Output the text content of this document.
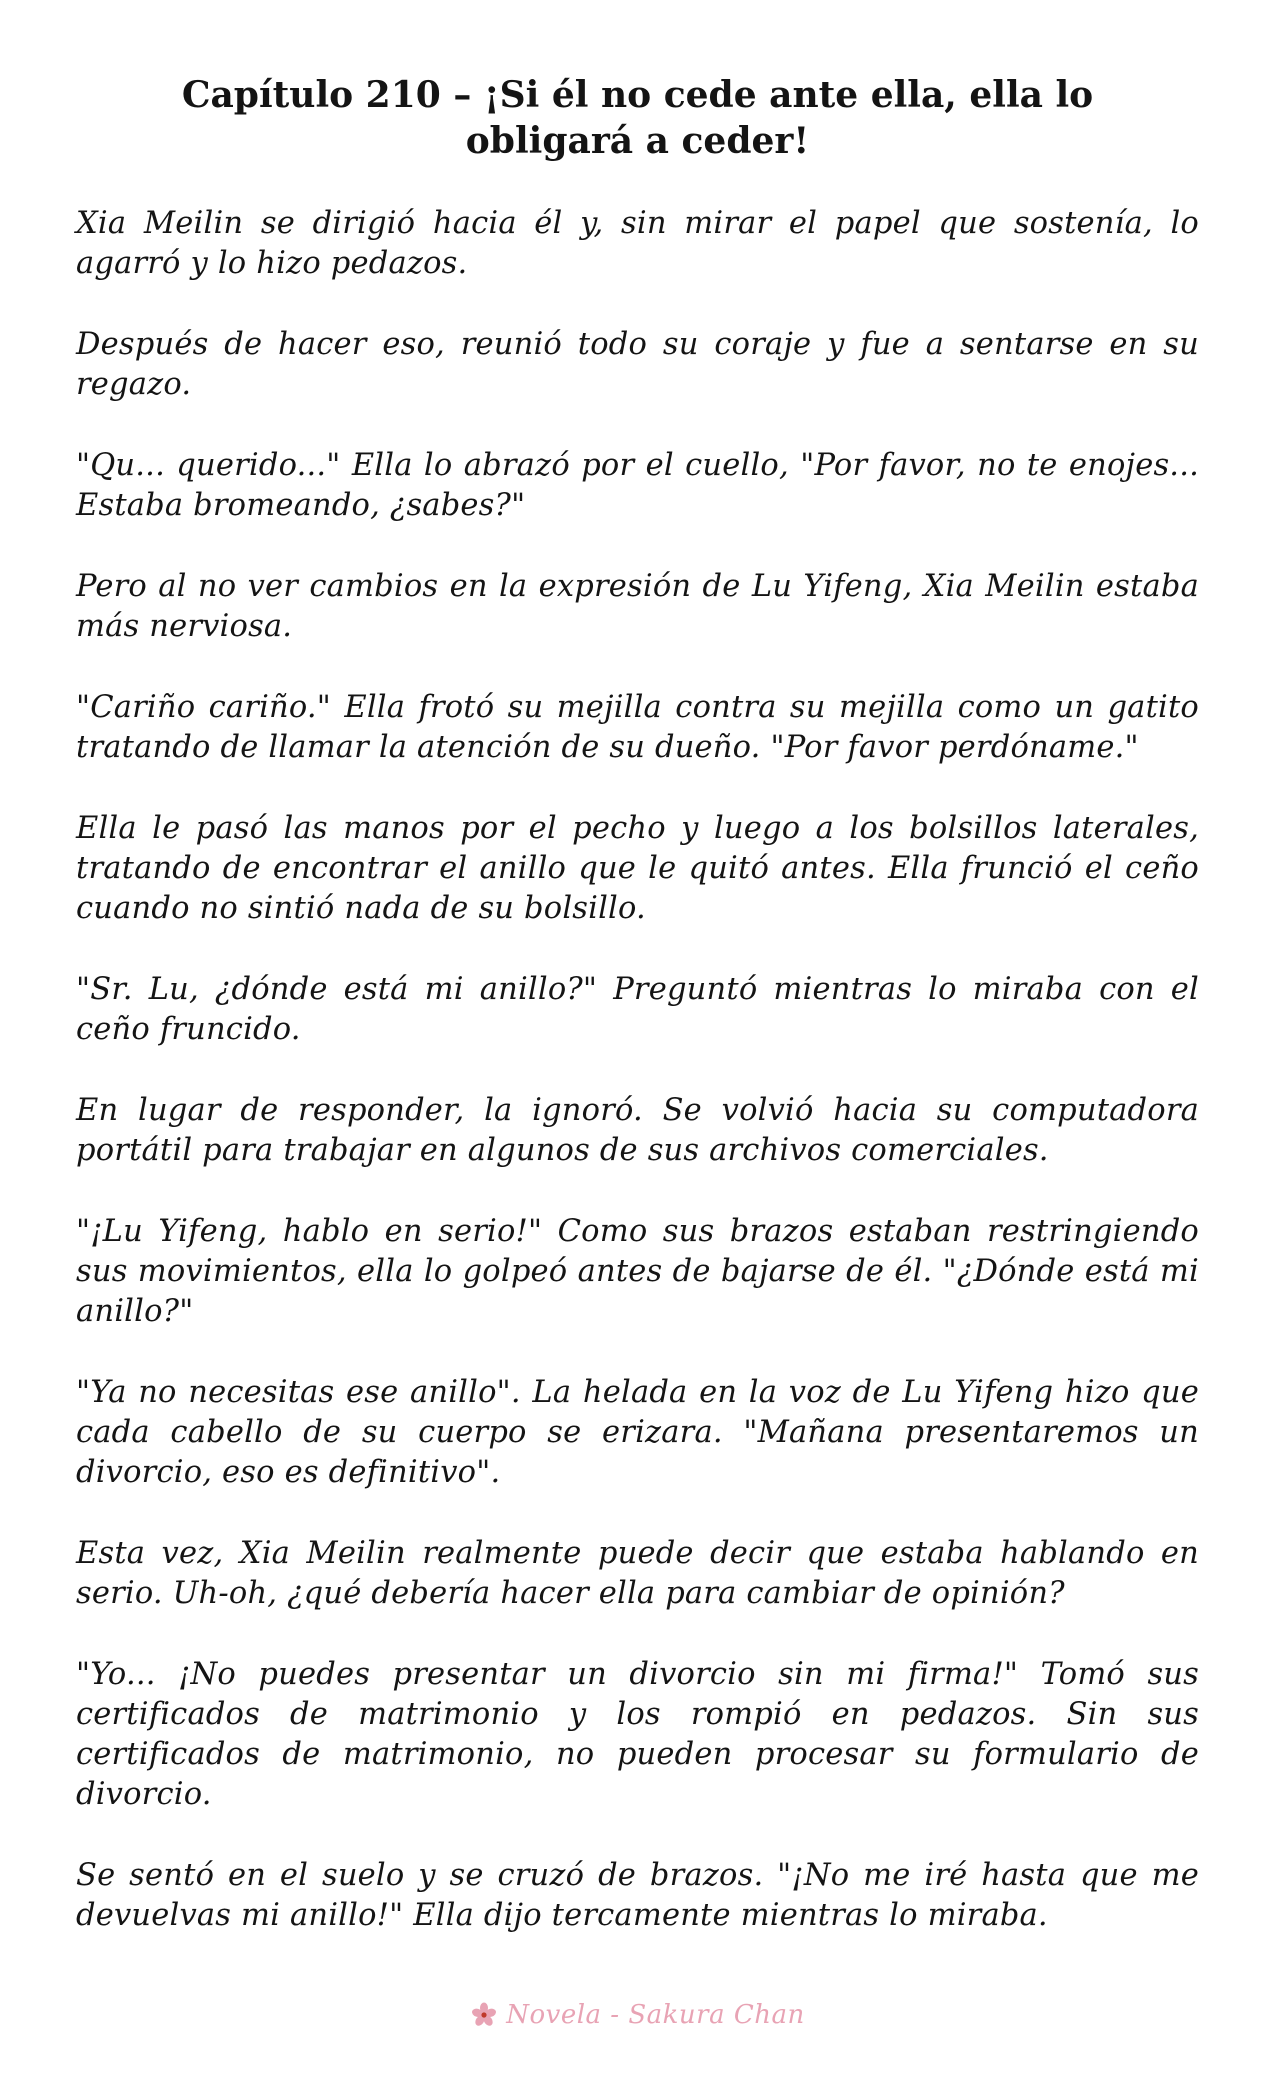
Capítulo 210 – ¡Si él no cede ante ella, ella lo obligará a ceder!

Xia Meilin se dirigió hacia él y, sin mirar el papel que sostenía, lo agarró y lo hizo pedazos.

Después de hacer eso, reunió todo su coraje y fue a sentarse en su regazo.

"Qu... querido..." Ella lo abrazó por el cuello, "Por favor, no te enojes... Estaba bromeando, ¿sabes?"

Pero al no ver cambios en la expresión de Lu Yifeng, Xia Meilin estaba más nerviosa.

"Cariño cariño." Ella frotó su mejilla contra su mejilla como un gatito tratando de llamar la atención de su dueño. "Por favor perdóname."

Ella le pasó las manos por el pecho y luego a los bolsillos laterales, tratando de encontrar el anillo que le quitó antes. Ella frunció el ceño cuando no sintió nada de su bolsillo.

"Sr. Lu, ¿dónde está mi anillo?" Preguntó mientras lo miraba con el ceño fruncido.

En lugar de responder, la ignoró. Se volvió hacia su computadora portátil para trabajar en algunos de sus archivos comerciales.

"¡Lu Yifeng, hablo en serio!" Como sus brazos estaban restringiendo sus movimientos, ella lo golpeó antes de bajarse de él. "¿Dónde está mi anillo?"

"Ya no necesitas ese anillo". La helada en la voz de Lu Yifeng hizo que cada cabello de su cuerpo se erizara. "Mañana presentaremos un divorcio, eso es definitivo".

Esta vez, Xia Meilin realmente puede decir que estaba hablando en serio. Uh-oh, ¿qué debería hacer ella para cambiar de opinión?

"Yo... ¡No puedes presentar un divorcio sin mi firma!" Tomó sus certificados de matrimonio y los rompió en pedazos. Sin sus certificados de matrimonio, no pueden procesar su formulario de divorcio.

Se sentó en el suelo y se cruzó de brazos. "¡No me iré hasta que me devuelvas mi anillo!" Ella dijo tercamente mientras lo miraba.

Novela - Sakura Chan
